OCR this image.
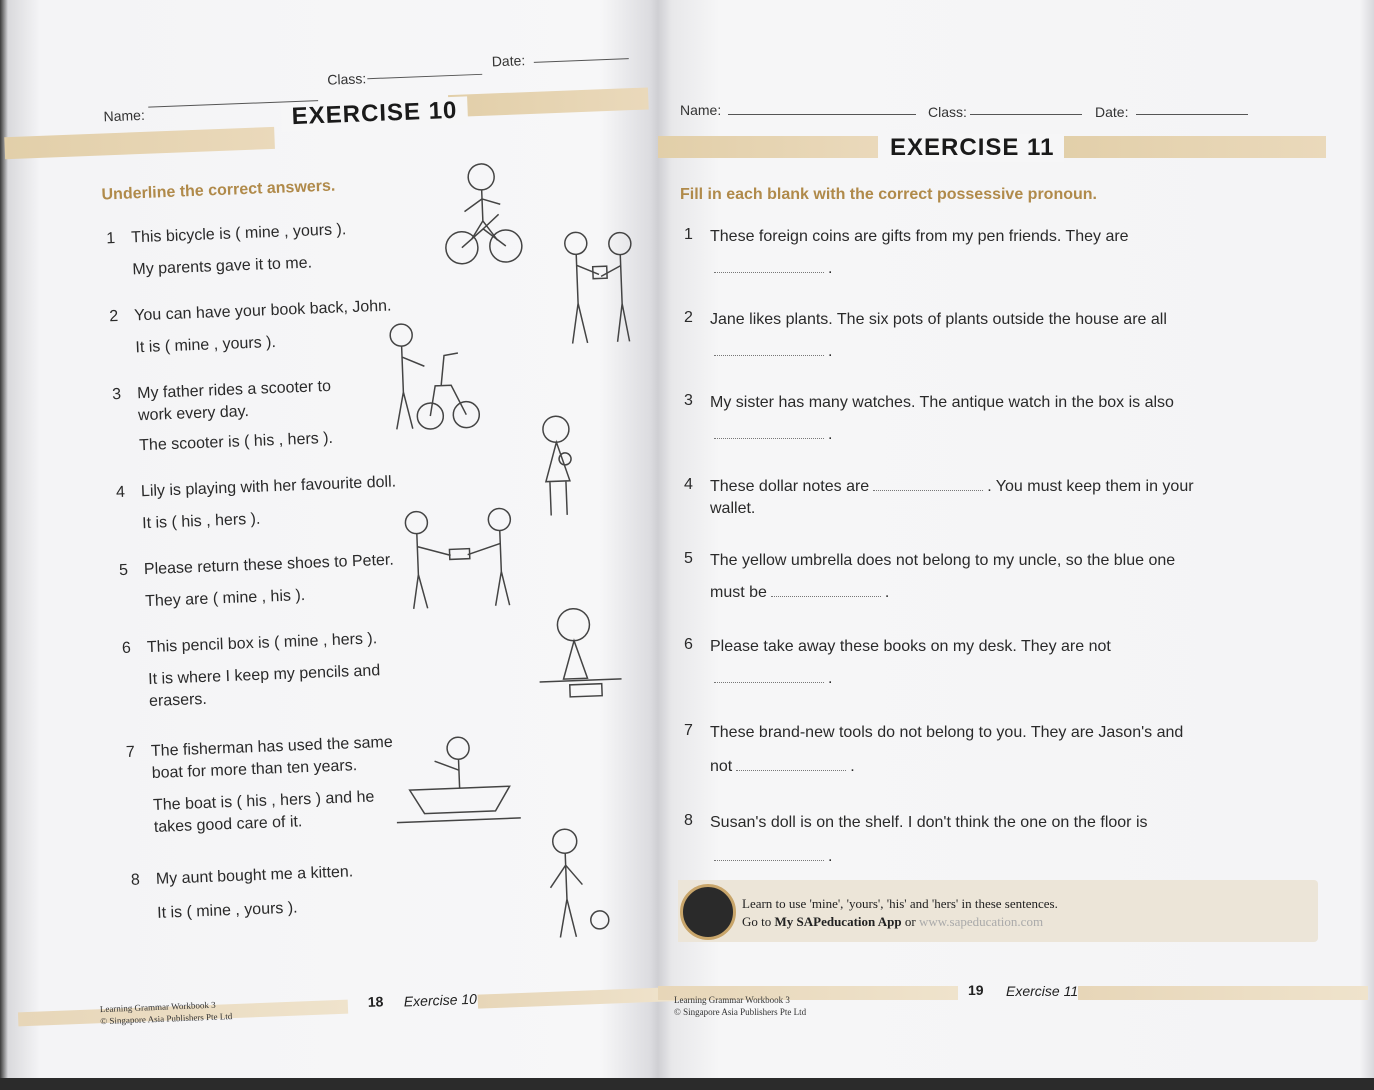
Name:
Class:
Date:
EXERCISE 10
Underline the correct answers.
1 This bicycle is ( mine , yours ).
My parents gave it to me.
2 You can have your book back, John.
It is ( mine , yours ).
3 My father rides a scooter to
work every day.
The scooter is ( his , hers ).
4 Lily is playing with her favourite doll.
It is ( his , hers ).
5 Please return these shoes to Peter.
They are ( mine , his ).
6 This pencil box is ( mine , hers ).
It is where I keep my pencils and
erasers.
7 The fisherman has used the same
boat for more than ten years.
The boat is ( his , hers ) and he
takes good care of it.
8 My aunt bought me a kitten.
It is ( mine , yours ).
Learning Grammar Workbook 3
© Singapore Asia Publishers Pte Ltd
18 Exercise 10
Name:	Class:	Date:
EXERCISE 11
Fill in each blank with the correct possessive pronoun.
1 These foreign coins are gifts from my pen friends. They are
.
2 Jane likes plants. The six pots of plants outside the house are all
.
3 My sister has many watches. The antique watch in the box is also
.
4 These dollar notes are	. You must keep them in your
wallet.
5 The yellow umbrella does not belong to my uncle, so the blue one
must be	.
6 Please take away these books on my desk. They are not
.
7 These brand-new tools do not belong to you. They are Jason's and
not	.
8 Susan's doll is on the shelf. I don't think the one on the floor is
.
Learn to use 'mine', 'yours', 'his' and 'hers' in these sentences.
Go to My SAPeducation App or www.sapeducation.com
Learning Grammar Workbook 3
© Singapore Asia Publishers Pte Ltd
19 Exercise 11
